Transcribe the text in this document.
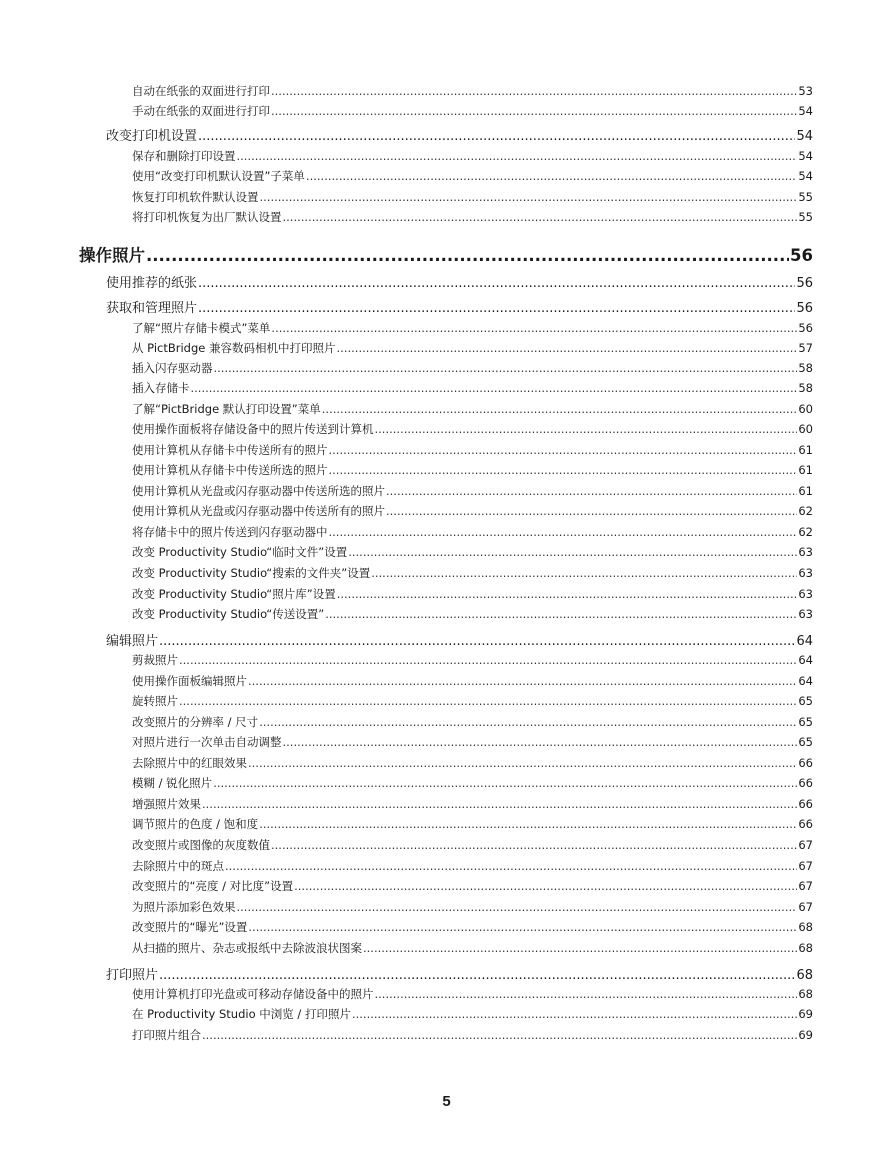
自动在纸张的双面进行打印 .....	53
手动在纸张的双面进行打印 .....	54
改变打印机设置 .....	54
保存和删除打印设置 .....	54
使用“改变打印机默认设置”子菜单 .....	54
恢复打印机软件默认设置 .....	55
将打印机恢复为出厂默认设置 .....	55
操作照片 .....	56
使用推荐的纸张 .....	56
获取和管理照片 .....	56
了解“照片存储卡模式”菜单 .....	56
从 PictBridge 兼容数码相机中打印照片 .....	57
插入闪存驱动器 .....	58
插入存储卡 .....	58
了解“PictBridge 默认打印设置”菜单 .....	60
使用操作面板将存储设备中的照片传送到计算机 .....	60
使用计算机从存储卡中传送所有的照片 .....	61
使用计算机从存储卡中传送所选的照片 .....	61
使用计算机从光盘或闪存驱动器中传送所选的照片 .....	61
使用计算机从光盘或闪存驱动器中传送所有的照片 .....	62
将存储卡中的照片传送到闪存驱动器中 .....	62
改变 Productivity Studio“临时文件”设置 .....	63
改变 Productivity Studio“搜索的文件夹”设置 .....	63
改变 Productivity Studio“照片库”设置 .....	63
改变 Productivity Studio“传送设置” .....	63
编辑照片 .....	64
剪裁照片 .....	64
使用操作面板编辑照片 .....	64
旋转照片 .....	65
改变照片的分辨率 / 尺寸 .....	65
对照片进行一次单击自动调整 .....	65
去除照片中的红眼效果 .....	66
模糊 / 锐化照片 .....	66
增强照片效果 .....	66
调节照片的色度 / 饱和度 .....	66
改变照片或图像的灰度数值 .....	67
去除照片中的斑点 .....	67
改变照片的“亮度 / 对比度”设置 .....	67
为照片添加彩色效果 .....	67
改变照片的“曝光”设置 .....	68
从扫描的照片、杂志或报纸中去除波浪状图案 .....	68
打印照片 .....	68
使用计算机打印光盘或可移动存储设备中的照片 .....	68
在 Productivity Studio 中浏览 / 打印照片 .....	69
打印照片组合 .....	69
5
